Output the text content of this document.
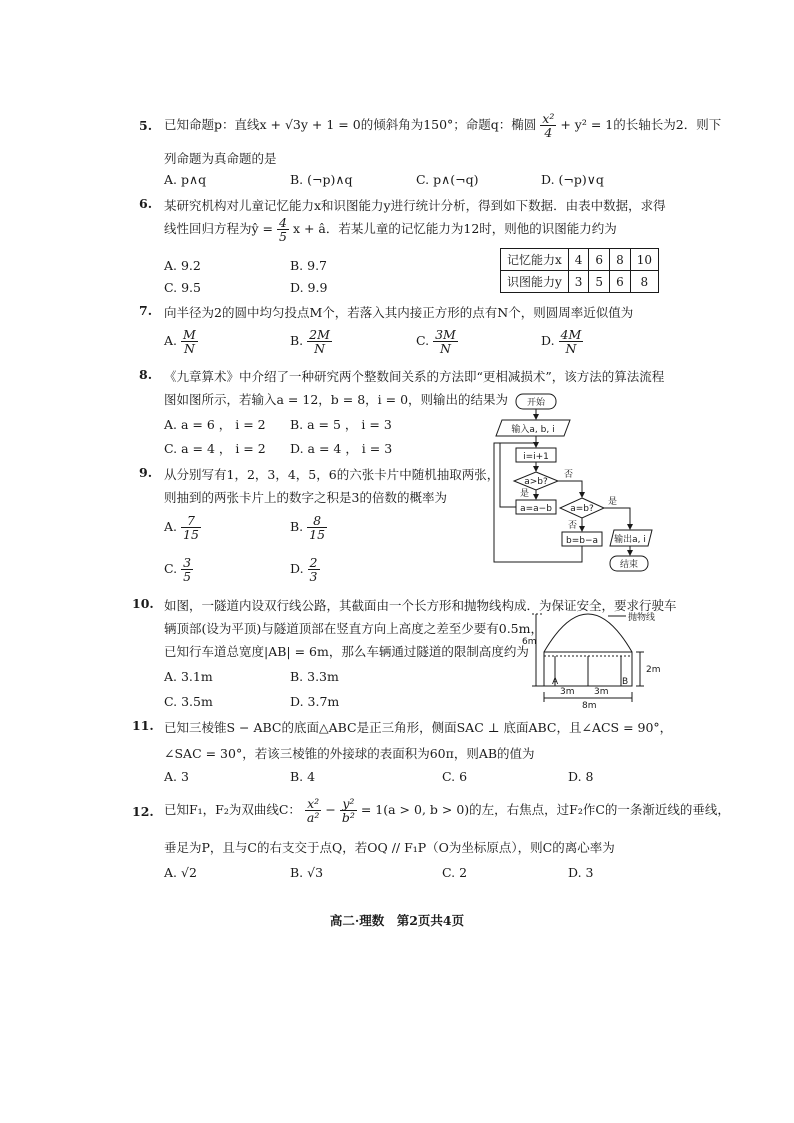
5. 已知命题p：直线x + √3y + 1 = 0的倾斜角为150°；命题q：椭圆 $\frac{\text{x²}}{4} + y^2 = 1$的长轴长为2．则下
列命题为真命题的是
A. p∧q	B. (¬p)∧q	C. p∧(¬q)	D. (¬p)∨q
6. 某研究机构对儿童记忆能力x和识图能力y进行统计分析，得到如下数据．由表中数据，求得
线性回归方程为ŷ = $\frac{4}{5}$ x + â．若某儿童的记忆能力为12时，则他的识图能力约为
A. 9.2	B. 9.7
C. 9.5	D. 9.9
记忆能力x	4	6	8	10
识图能力y	3	5	6	8
7. 向半径为2的圆中均匀投点M个，若落入其内接正方形的点有N个，则圆周率近似值为
A. $\frac{M}{N}$	B. $\frac{2M}{N}$	C. $\frac{3M}{N}$	D. $\frac{4M}{N}$
8. 《九章算术》中介绍了一种研究两个整数间关系的方法即“更相减损术”，该方法的算法流程
图如图所示，若输入a = 12，b = 8，i = 0，则输出的结果为
A. a = 6 ， i = 2 B. a = 5 ， i = 3
C. a = 4 ， i = 2 D. a = 4 ， i = 3
开始
输入a, b, i
i=i+1
a>b?
a=a−b a=b?
b=b−a 输出a, i
结束
否
是
是
否
9. 从分别写有1，2，3，4，5，6的六张卡片中随机抽取两张，
则抽到的两张卡片上的数字之积是3的倍数的概率为
A. $\frac{7}{15}$	B. $\frac{8}{15}$
C. $\frac{3}{5}$	D. $\frac{2}{3}$
10. 如图，一隧道内设双行线公路，其截面由一个长方形和抛物线构成．为保证安全，要求行驶车
辆顶部(设为平顶)与隧道顶部在竖直方向上高度之差至少要有0.5m，
已知行车道总宽度|AB| = 6m，那么车辆通过隧道的限制高度约为
A. 3.1m	B. 3.3m
C. 3.5m	D. 3.7m
抛物线
6m
2m
A	B
3m 3m
8m
11. 已知三棱锥S − ABC的底面△ABC是正三角形，侧面SAC ⊥ 底面ABC，且∠ACS = 90°，
∠SAC = 30°，若该三棱锥的外接球的表面积为60π，则AB的值为
A. 3	B. 4	C. 6	D. 8
12. 已知F₁，F₂为双曲线C： $\frac{\text{x²}}{\text{a²}} - \frac{\text{y²}}{\text{b²}} = 1(a > 0$, b > 0)的左，右焦点，过F₂作C的一条渐近线的垂线，
垂足为P，且与C的右支交于点Q，若OQ // F₁P（O为坐标原点），则C的离心率为
A. √2	B. √3	C. 2	D. 3
高二·理数　第2页共4页
